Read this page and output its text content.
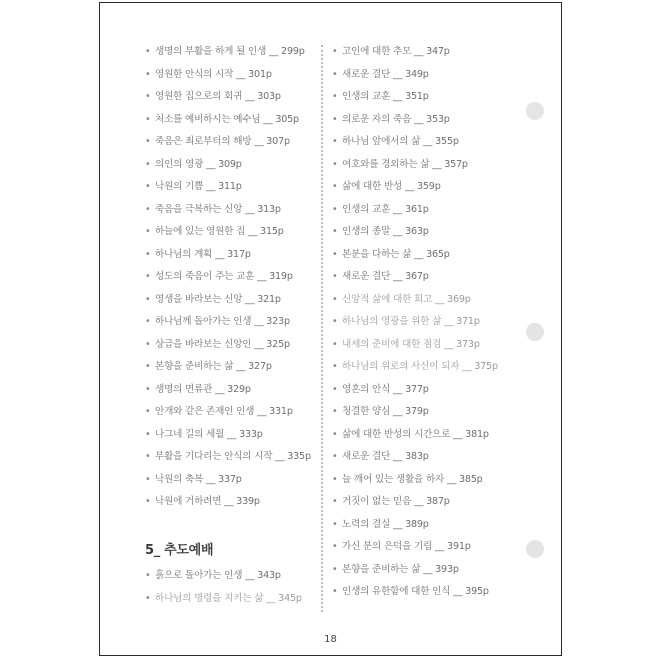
• 생명의 부활을 하게 될 인생 __ 299p
• 영원한 안식의 시작 __ 301p
• 영원한 집으로의 회귀 __ 303p
• 처소를 예비하시는 예수님 __ 305p
• 죽음은 죄로부터의 해방 __ 307p
• 의인의 영광 __ 309p
• 낙원의 기쁨 __ 311p
• 죽음을 극복하는 신앙 __ 313p
• 하늘에 있는 영원한 집 __ 315p
• 하나님의 계획 __ 317p
• 성도의 죽음이 주는 교훈 __ 319p
• 영생을 바라보는 신앙 __ 321p
• 하나님께 돌아가는 인생 __ 323p
• 상급을 바라보는 신앙인 __ 325p
• 본향을 준비하는 삶 __ 327p
• 생명의 면류관 __ 329p
• 안개와 같은 존재인 인생 __ 331p
• 나그네 길의 세월 __ 333p
• 부활을 기다리는 안식의 시작 __ 335p
• 낙원의 축복 __ 337p
• 낙원에 거하려면 __ 339p
5_ 추도예배
• 흙으로 돌아가는 인생 __ 343p
• 하나님의 명령을 지키는 삶 __ 345p
• 고인에 대한 추모 __ 347p
• 새로운 결단 __ 349p
• 인생의 교훈 __ 351p
• 의로운 자의 죽음 __ 353p
• 하나님 앞에서의 삶 __ 355p
• 여호와를 경외하는 삶 __ 357p
• 삶에 대한 반성 __ 359p
• 인생의 교훈 __ 361p
• 인생의 종말 __ 363p
• 본분을 다하는 삶 __ 365p
• 새로운 결단 __ 367p
• 신앙적 삶에 대한 회고 __ 369p
• 하나님의 영광을 위한 삶 __ 371p
• 내세의 준비에 대한 점검 __ 373p
• 하나님의 위로의 사신이 되자 __ 375p
• 영혼의 안식 __ 377p
• 청결한 양심 __ 379p
• 삶에 대한 반성의 시간으로 __ 381p
• 새로운 결단 __ 383p
• 늘 깨어 있는 생활을 하자 __ 385p
• 거짓이 없는 믿음 __ 387p
• 노력의 결실 __ 389p
• 가신 분의 은덕을 기림 __ 391p
• 본향을 준비하는 삶 __ 393p
• 인생의 유한함에 대한 인식 __ 395p
18
